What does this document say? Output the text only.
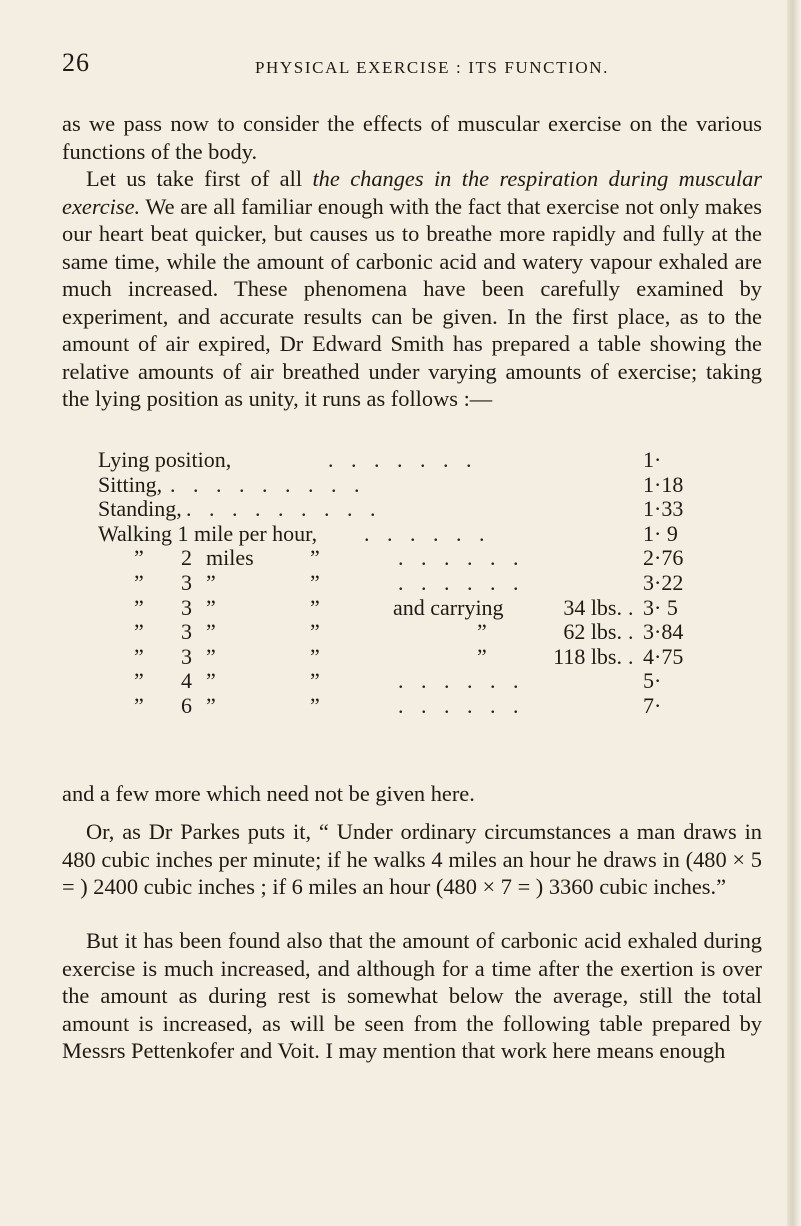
26	PHYSICAL EXERCISE : ITS FUNCTION.

as we pass now to consider the effects of muscular exercise on the various functions of the body.

Let us take first of all the changes in the respiration during muscular exercise. We are all familiar enough with the fact that exercise not only makes our heart beat quicker, but causes us to breathe more rapidly and fully at the same time, while the amount of carbonic acid and watery vapour exhaled are much increased. These phenomena have been carefully examined by experiment, and accurate results can be given. In the first place, as to the amount of air expired, Dr Edward Smith has prepared a table showing the relative amounts of air breathed under varying amounts of exercise; taking the lying position as unity, it runs as follows :—

Lying position,	. . . . . . .	1·
Sitting, . . . . . . . . .	1·18
Standing, . . . . . . . . .	1·33
Walking 1 mile per hour, . . . . . .	1· 9
” 2 miles	”	. . . . . .	2·76
” 3 ”	”	. . . . . .	3·22
” 3 ”	”	and carrying	34 lbs. . 3· 5
” 3 ”	”	”	62 lbs. . 3·84
” 3 ”	”	”	118 lbs. . 4·75
” 4 ”	”	. . . . . .	5·
” 6 ”	”	. . . . . .	7·
and a few more which need not be given here.

Or, as Dr Parkes puts it, “ Under ordinary circumstances a man draws in 480 cubic inches per minute; if he walks 4 miles an hour he draws in (480 × 5 = ) 2400 cubic inches ; if 6 miles an hour (480 × 7 = ) 3360 cubic inches.”

But it has been found also that the amount of carbonic acid exhaled during exercise is much increased, and although for a time after the exertion is over the amount as during rest is somewhat below the average, still the total amount is increased, as will be seen from the following table prepared by Messrs Pettenkofer and Voit. I may mention that work here means enough
